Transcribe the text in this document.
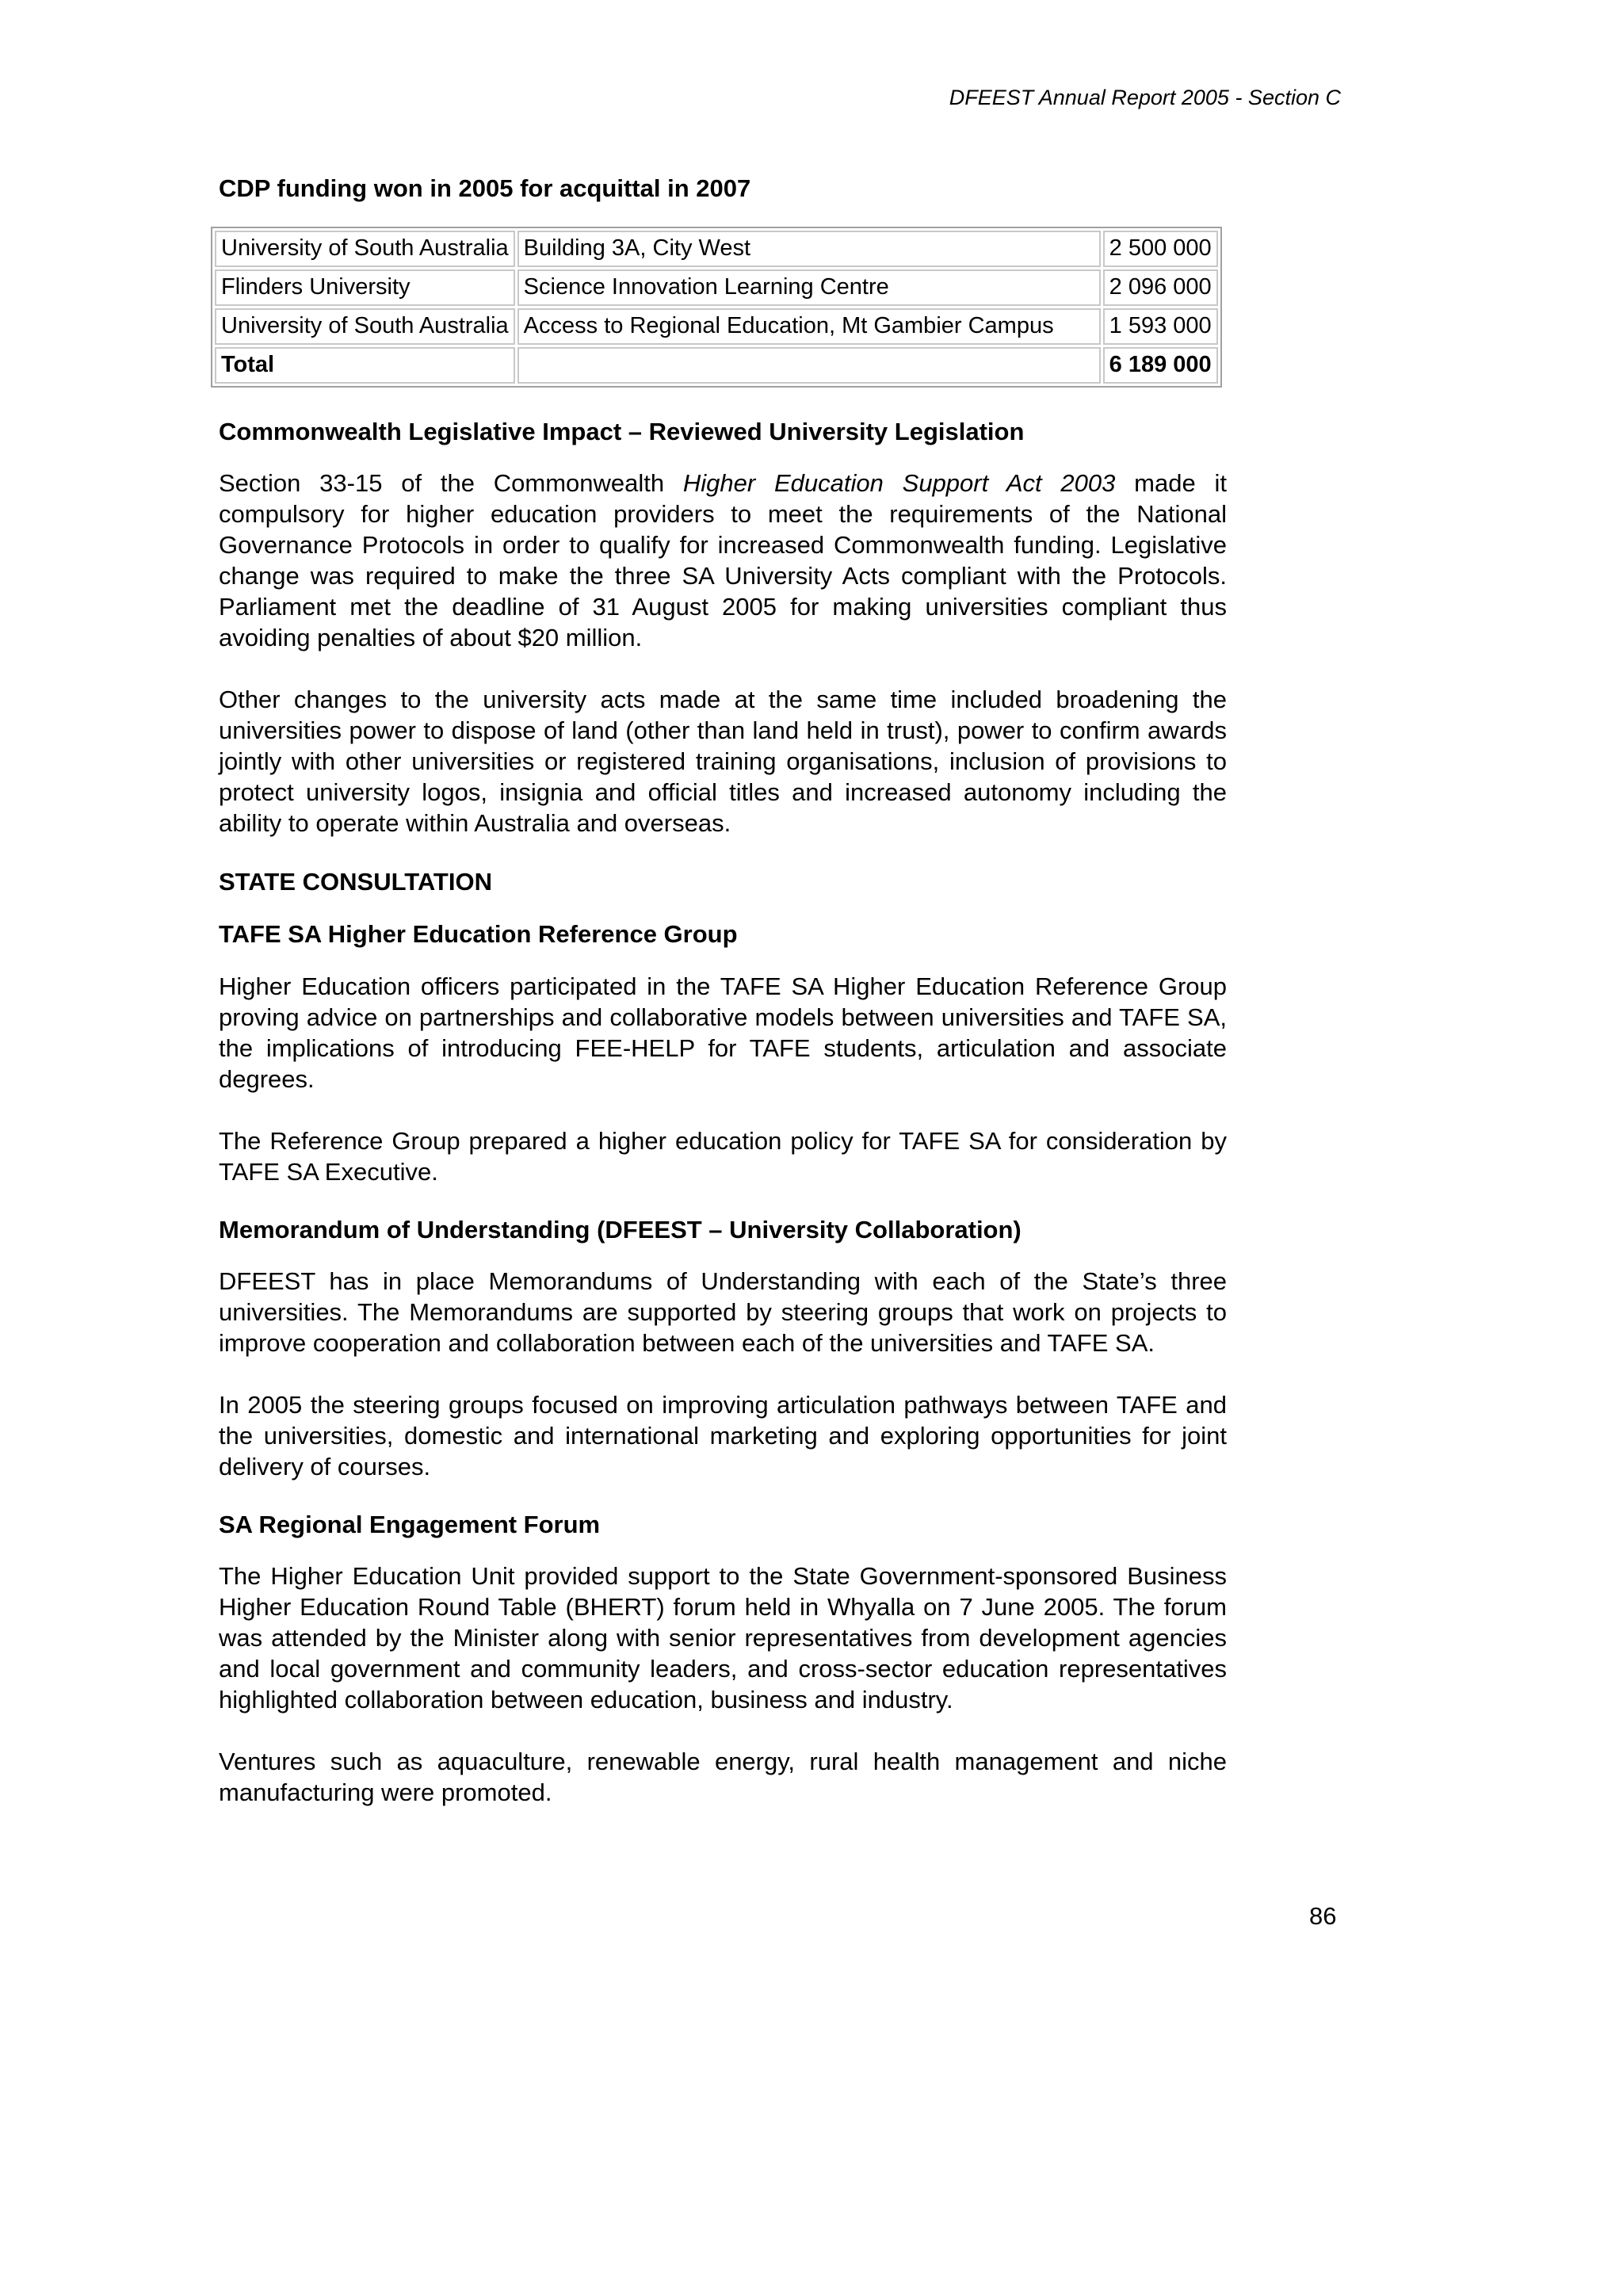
DFEEST Annual Report 2005 - Section C
CDP funding won in 2005 for acquittal in 2007
University of South Australia	Building 3A, City West	2 500 000
Flinders University	Science Innovation Learning Centre	2 096 000
University of South Australia	Access to Regional Education, Mt Gambier Campus	1 593 000
Total		6 189 000
Commonwealth Legislative Impact – Reviewed University Legislation

Section 33-15 of the Commonwealth Higher Education Support Act 2003 made it compulsory for higher education providers to meet the requirements of the National Governance Protocols in order to qualify for increased Commonwealth funding. Legislative change was required to make the three SA University Acts compliant with the Protocols. Parliament met the deadline of 31 August 2005 for making universities compliant thus avoiding penalties of about $20 million.

Other changes to the university acts made at the same time included broadening the universities power to dispose of land (other than land held in trust), power to confirm awards jointly with other universities or registered training organisations, inclusion of provisions to protect university logos, insignia and official titles and increased autonomy including the ability to operate within Australia and overseas.

STATE CONSULTATION
TAFE SA Higher Education Reference Group

Higher Education officers participated in the TAFE SA Higher Education Reference Group proving advice on partnerships and collaborative models between universities and TAFE SA, the implications of introducing FEE-HELP for TAFE students, articulation and associate degrees.

The Reference Group prepared a higher education policy for TAFE SA for consideration by TAFE SA Executive.

Memorandum of Understanding (DFEEST – University Collaboration)

DFEEST has in place Memorandums of Understanding with each of the State’s three universities. The Memorandums are supported by steering groups that work on projects to improve cooperation and collaboration between each of the universities and TAFE SA.

In 2005 the steering groups focused on improving articulation pathways between TAFE and the universities, domestic and international marketing and exploring opportunities for joint delivery of courses.

SA Regional Engagement Forum

The Higher Education Unit provided support to the State Government-sponsored Business Higher Education Round Table (BHERT) forum held in Whyalla on 7 June 2005. The forum was attended by the Minister along with senior representatives from development agencies and local government and community leaders, and cross-sector education representatives highlighted collaboration between education, business and industry.

Ventures such as aquaculture, renewable energy, rural health management and niche manufacturing were promoted.

86
